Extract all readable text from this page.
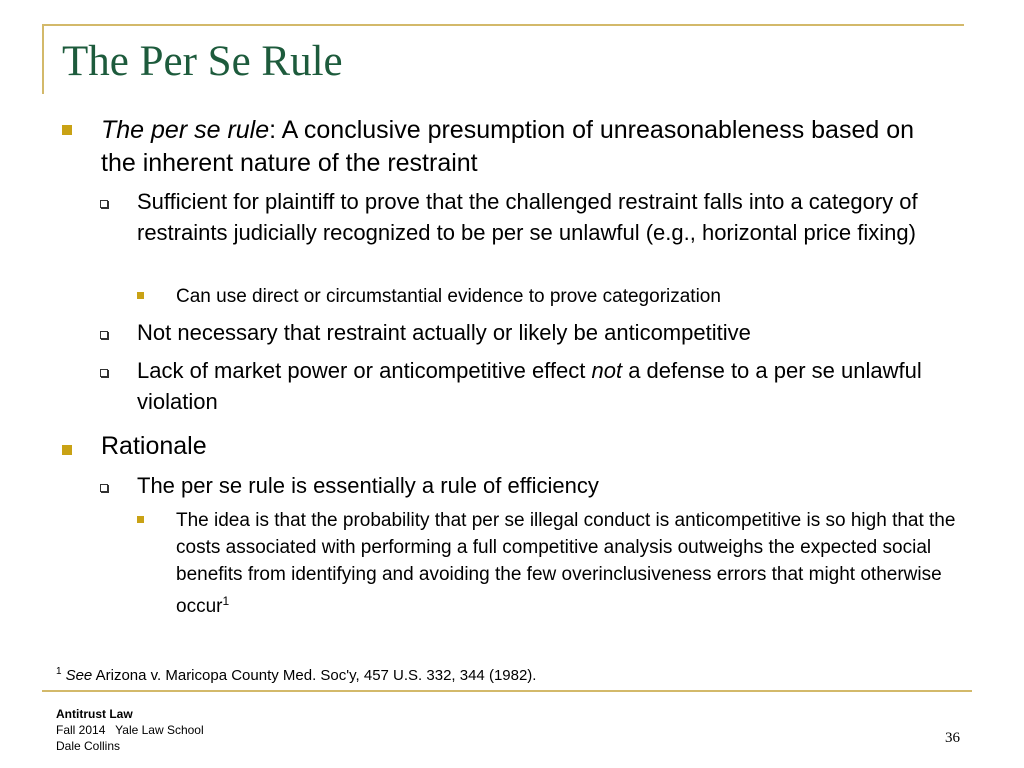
The Per Se Rule
The per se rule: A conclusive presumption of unreasonableness based on the inherent nature of the restraint
Sufficient for plaintiff to prove that the challenged restraint falls into a category of restraints judicially recognized to be per se unlawful (e.g., horizontal price fixing)
Can use direct or circumstantial evidence to prove categorization
Not necessary that restraint actually or likely be anticompetitive
Lack of market power or anticompetitive effect not a defense to a per se unlawful violation
Rationale
The per se rule is essentially a rule of efficiency
The idea is that the probability that per se illegal conduct is anticompetitive is so high that the costs associated with performing a full competitive analysis outweighs the expected social benefits from identifying and avoiding the few overinclusiveness errors that might otherwise occur$^1$
$^1$ See Arizona v. Maricopa County Med. Soc'y, 457 U.S. 332, 344 (1982).
Antitrust Law
Fall 2014   Yale Law School
Dale Collins	36
